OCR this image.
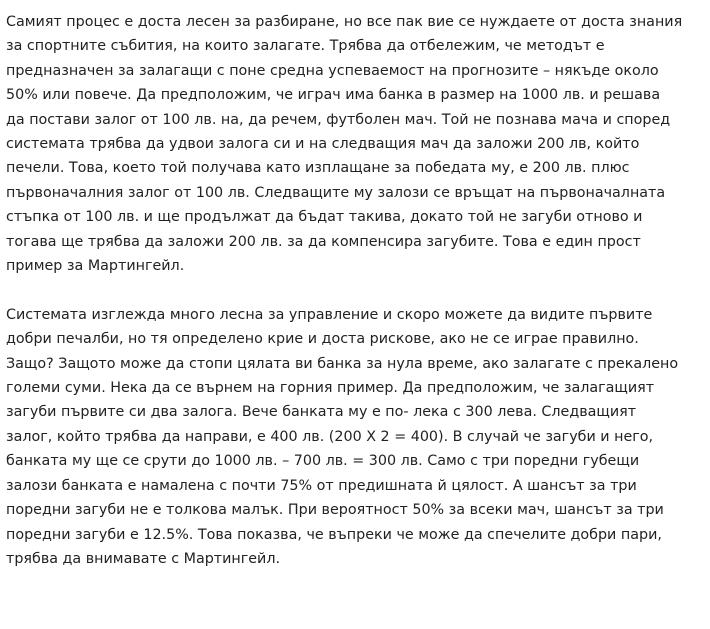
Самият процес е доста лесен за разбиране, но все пак вие се нуждаете от доста знания
за спортните събития, на които залагате. Трябва да отбележим, че методът е
предназначен за залагащи с поне средна успеваемост на прогнозите – някъде около
50% или повече. Да предположим, че играч има банка в размер на 1000 лв. и решава
да постави залог от 100 лв. на, да речем, футболен мач. Той не познава мача и според
системата трябва да удвои залога си и на следващия мач да заложи 200 лв, който
печели. Това, което той получава като изплащане за победата му, е 200 лв. плюс
първоначалния залог от 100 лв. Следващите му залози се връщат на първоначалната
стъпка от 100 лв. и ще продължат да бъдат такива, докато той не загуби отново и
тогава ще трябва да заложи 200 лв. за да компенсира загубите. Това е един прост
пример за Мартингейл.

Системата изглежда много лесна за управление и скоро можете да видите първите
добри печалби, но тя определено крие и доста рискове, ако не се играе правилно.
Защо? Защото може да стопи цялата ви банка за нула време, ако залагате с прекалено
големи суми. Нека да се върнем на горния пример. Да предположим, че залагащият
загуби първите си два залога. Вече банката му е по- лека с 300 лева. Следващият
залог, който трябва да направи, е 400 лв. (200 X 2 = 400). В случай че загуби и него,
банката му ще се срути до 1000 лв. – 700 лв. = 300 лв. Само с три поредни губещи
залози банката е намалена с почти 75% от предишната й цялост. А шансът за три
поредни загуби не е толкова малък. При вероятност 50% за всеки мач, шансът за три
поредни загуби е 12.5%. Това показва, че въпреки че може да спечелите добри пари,
трябва да внимавате с Мартингейл.
